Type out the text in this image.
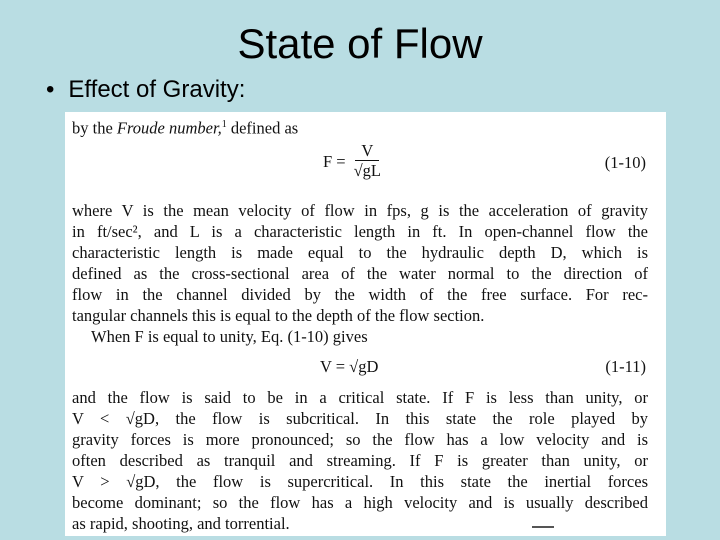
State of Flow
• Effect of Gravity:
by the Froude number,$^1$ defined as
$F = \frac{V}{√gL}$	(1-10)
where V is the mean velocity of flow in fps, g is the acceleration of gravity
in ft/sec², and L is a characteristic length in ft. In open-channel flow the
characteristic length is made equal to the hydraulic depth D, which is
defined as the cross-sectional area of the water normal to the direction of
flow in the channel divided by the width of the free surface. For rec-
tangular channels this is equal to the depth of the flow section.
When F is equal to unity, Eq. (1-10) gives
V = √gD	(1-11)
and the flow is said to be in a critical state. If F is less than unity, or
V < √gD, the flow is subcritical. In this state the role played by
gravity forces is more pronounced; so the flow has a low velocity and is
often described as tranquil and streaming. If F is greater than unity, or
V > √gD, the flow is supercritical. In this state the inertial forces
become dominant; so the flow has a high velocity and is usually described
as rapid, shooting, and torrential.
